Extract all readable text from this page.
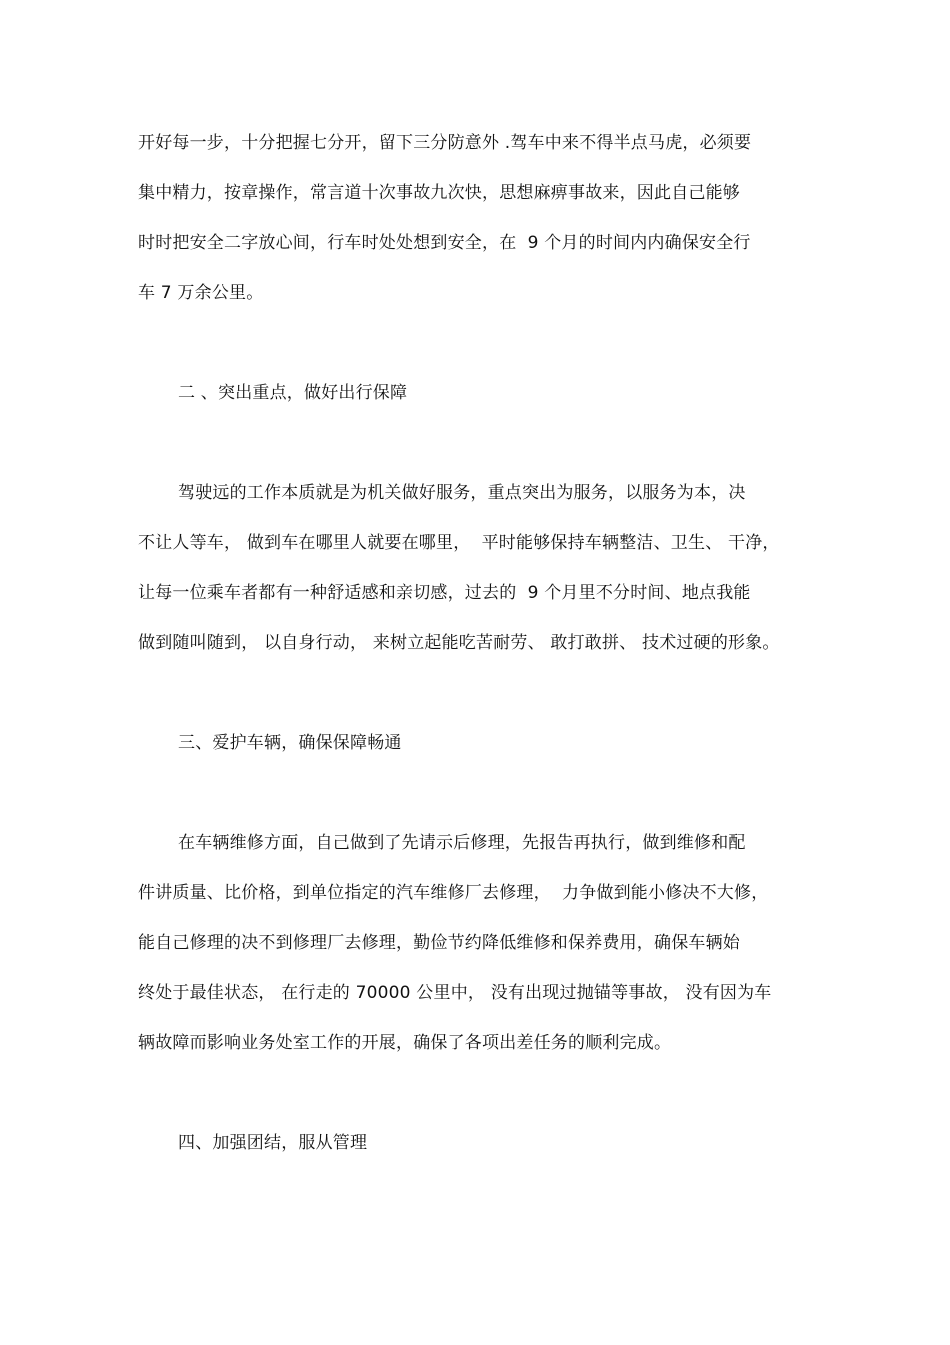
开好每一步，十分把握七分开，留下三分防意外 .驾车中来不得半点马虎，必须要
集中精力，按章操作，常言道十次事故九次快，思想麻痹事故来，因此自己能够
时时把安全二字放心间，行车时处处想到安全，在  9 个月的时间内内确保安全行
车 7 万余公里。
二 、突出重点，做好出行保障
驾驶远的工作本质就是为机关做好服务，重点突出为服务，以服务为本，决
不让人等车， 做到车在哪里人就要在哪里，  平时能够保持车辆整洁、卫生、 干净，
让每一位乘车者都有一种舒适感和亲切感，过去的  9 个月里不分时间、地点我能
做到随叫随到， 以自身行动， 来树立起能吃苦耐劳、 敢打敢拼、 技术过硬的形象。
三、爱护车辆，确保保障畅通
在车辆维修方面，自己做到了先请示后修理，先报告再执行，做到维修和配
件讲质量、比价格，到单位指定的汽车维修厂去修理，  力争做到能小修决不大修，
能自己修理的决不到修理厂去修理，勤俭节约降低维修和保养费用，确保车辆始
终处于最佳状态， 在行走的 70000 公里中， 没有出现过抛锚等事故， 没有因为车
辆故障而影响业务处室工作的开展，确保了各项出差任务的顺利完成。
四、加强团结，服从管理
